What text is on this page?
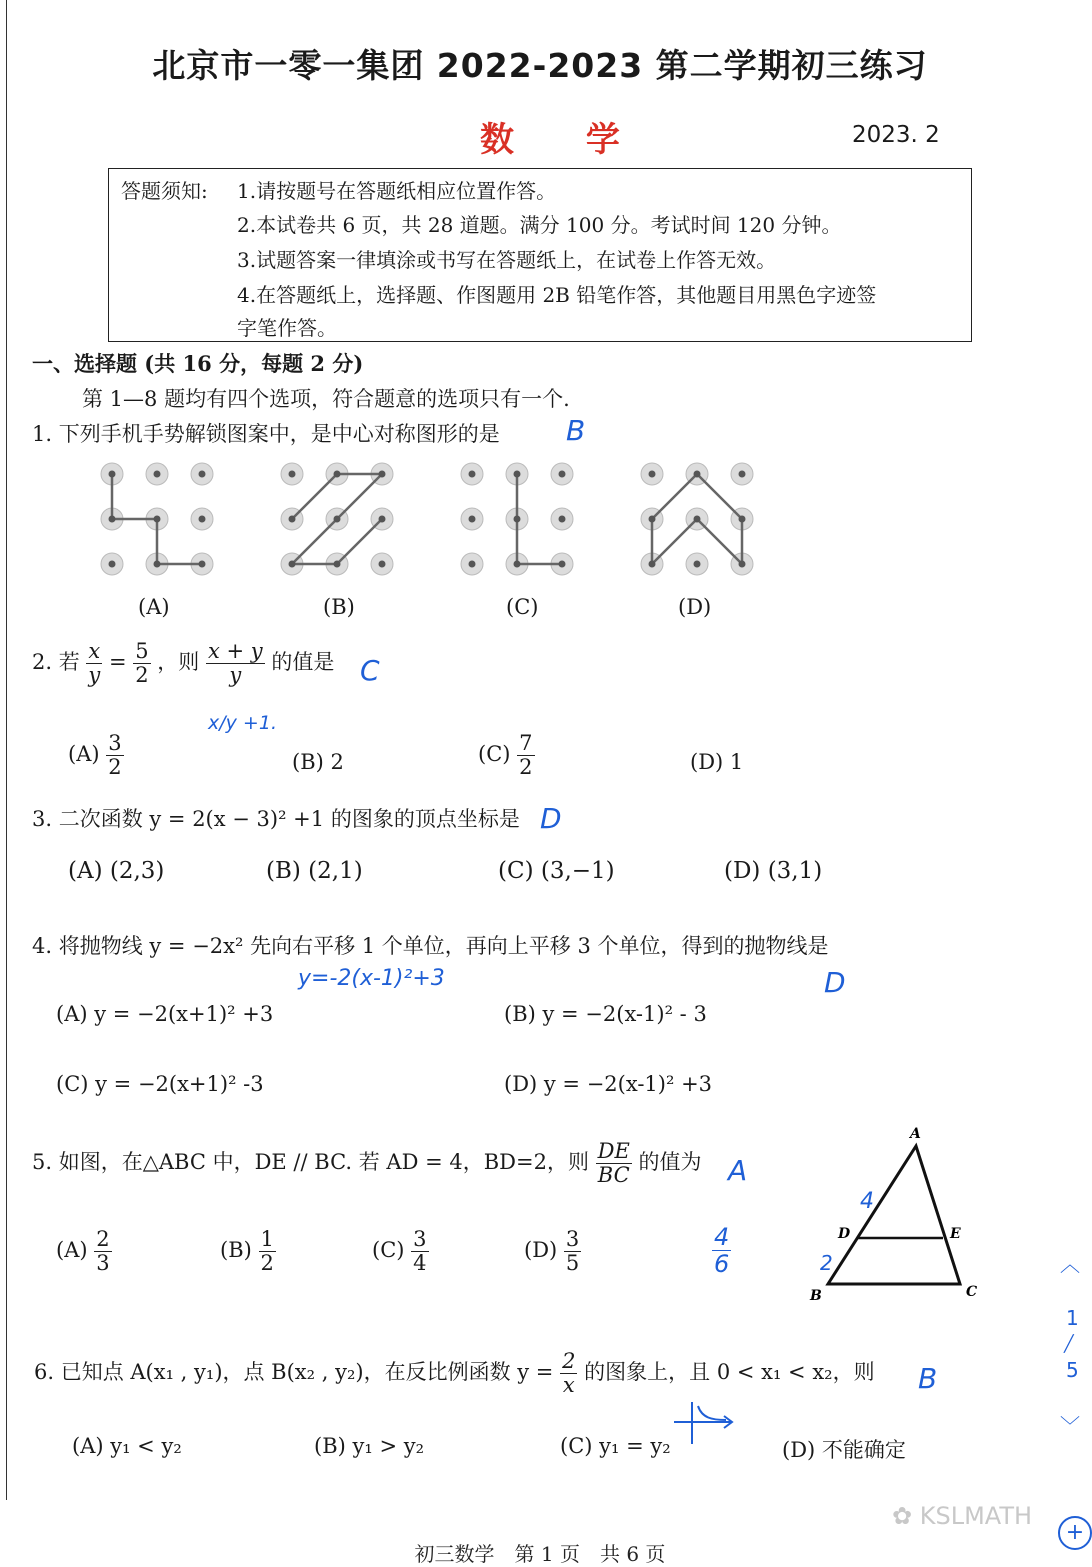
北京市一零一集团 2022-2023 第二学期初三练习
数 学	2023. 2
答题须知: 1.请按题号在答题纸相应位置作答。
2.本试卷共 6 页，共 28 道题。满分 100 分。考试时间 120 分钟。
3.试题答案一律填涂或书写在答题纸上，在试卷上作答无效。
4.在答题纸上，选择题、作图题用 2B 铅笔作答，其他题目用黑色字迹签
字笔作答。
一、选择题 (共 16 分，每题 2 分)
第 1—8 题均有四个选项，符合题意的选项只有一个.
1. 下列手机手势解锁图案中，是中心对称图形的是 B
(A)	(B)	(C)	(D)
2. 若 $\frac{x}{y} = \frac{5}{2}$ ，则 $\frac{x + y}{y}$ 的值是 C
x/y +1.
$(A) \frac{3}{2}$	(B) 2	$(C) \frac{7}{2}$	(D) 1
3. 二次函数 y = 2(x − 3)² +1 的图象的顶点坐标是 D
(A) (2,3)	(B) (2,1)	(C) (3,−1)	(D) (3,1)
4. 将抛物线 y = −2x² 先向右平移 1 个单位，再向上平移 3 个单位，得到的抛物线是
y=-2(x-1)²+3	D
(A) y = −2(x+1)² +3	(B) y = −2(x-1)² - 3
(C) y = −2(x+1)² -3	(D) y = −2(x-1)² +3
5. 如图，在△ABC 中，DE // BC. 若 AD = 4，BD=2，则 $\frac{DE}{BC}$ 的值为 A
$(A) \frac{2}{3}$	$(B) \frac{1}{2}$	$(C) \frac{3}{4}$	$(D) \frac{3}{5}$	$\frac{4}{6}$
A
B	C
D	E
4
2
6. 已知点 A(x₁ , y₁)，点 B(x₂ , y₂)，在反比例函数 $y = \frac{2}{x}$ 的图象上，且 0 < x₁ < x₂，则 B
(A) y₁ < y₂	(B) y₁ > y₂	(C) y₁ = y₂	(D) 不能确定
︿
1
╱
5
﹀
+
✿ KSLMATH
初三数学　第 1 页　共 6 页
